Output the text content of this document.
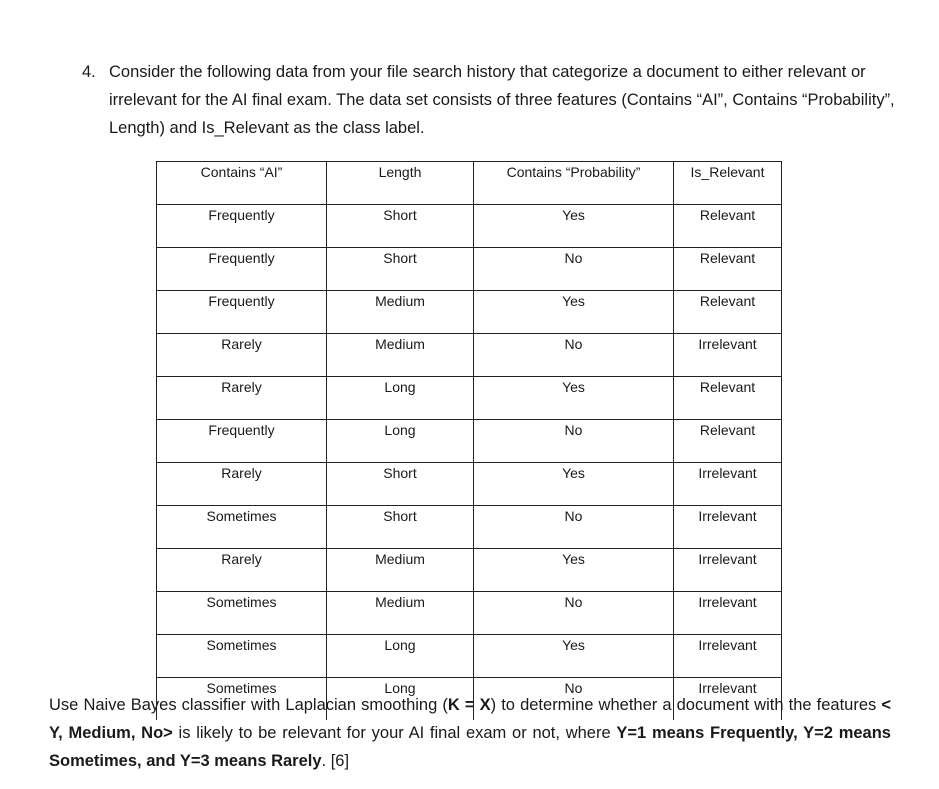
4. Consider the following data from your file search history that categorize a document to either relevant or irrelevant for the AI final exam. The data set consists of three features (Contains “AI”, Contains “Probability”, Length) and Is_Relevant as the class label.
Contains “AI”	Length	Contains “Probability”	Is_Relevant
Frequently	Short	Yes	Relevant
Frequently	Short	No	Relevant
Frequently	Medium	Yes	Relevant
Rarely	Medium	No	Irrelevant
Rarely	Long	Yes	Relevant
Frequently	Long	No	Relevant
Rarely	Short	Yes	Irrelevant
Sometimes	Short	No	Irrelevant
Rarely	Medium	Yes	Irrelevant
Sometimes	Medium	No	Irrelevant
Sometimes	Long	Yes	Irrelevant
Sometimes	Long	No	Irrelevant
Use Naive Bayes classifier with Laplacian smoothing (K = X) to determine whether a document with the features < Y, Medium, No> is likely to be relevant for your AI final exam or not, where Y=1 means Frequently, Y=2 means Sometimes, and Y=3 means Rarely. [6]
